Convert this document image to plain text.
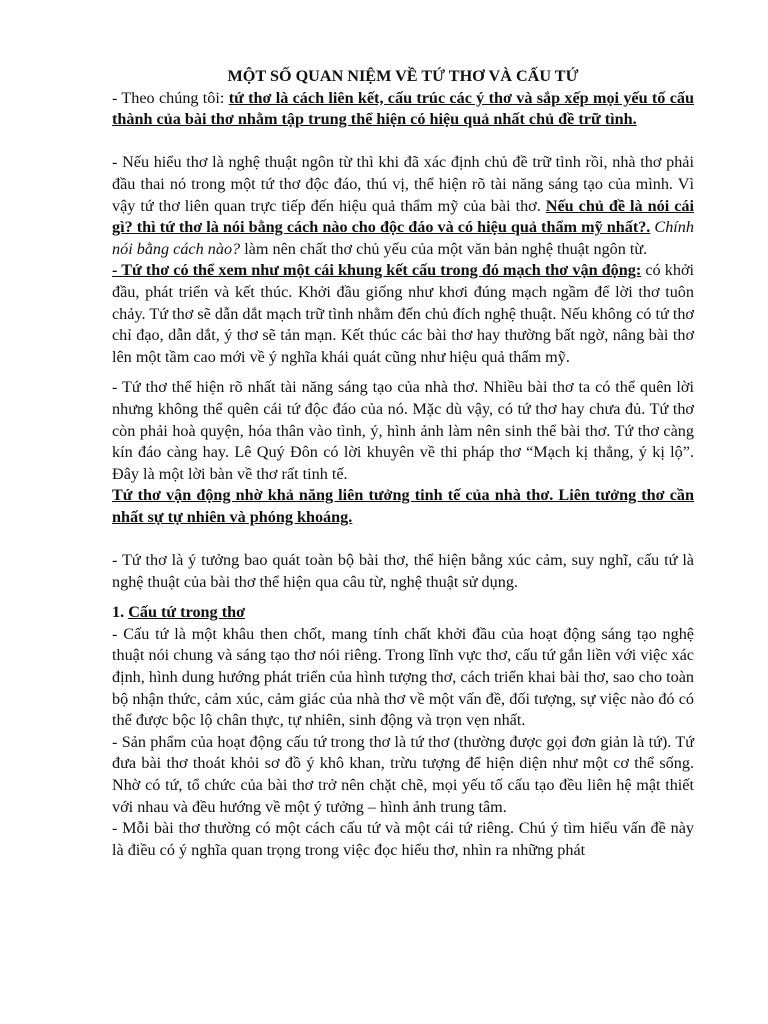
MỘT SỐ QUAN NIỆM VỀ TỨ THƠ VÀ CẤU TỨ

- Theo chúng tôi: tứ thơ là cách liên kết, cấu trúc các ý thơ và sắp xếp mọi yếu tố cấu thành của bài thơ nhằm tập trung thể hiện có hiệu quả nhất chủ đề trữ tình.

- Nếu hiểu thơ là nghệ thuật ngôn từ thì khi đã xác định chủ đề trữ tình rồi, nhà thơ phải đầu thai nó trong một tứ thơ độc đáo, thú vị, thể hiện rõ tài năng sáng tạo của mình. Vì vậy tứ thơ liên quan trực tiếp đến hiệu quả thẩm mỹ của bài thơ. Nếu chủ đề là nói cái gì? thì tứ thơ là nói bằng cách nào cho độc đáo và có hiệu quả thẩm mỹ nhất?. Chính nói bằng cách nào? làm nên chất thơ chủ yếu của một văn bản nghệ thuật ngôn từ.

- Tứ thơ có thể xem như một cái khung kết cấu trong đó mạch thơ vận động: có khởi đầu, phát triển và kết thúc. Khởi đầu giống như khơi đúng mạch ngầm để lời thơ tuôn chảy. Tứ thơ sẽ dẫn dắt mạch trữ tình nhằm đến chủ đích nghệ thuật. Nếu không có tứ thơ chỉ đạo, dẫn dắt, ý thơ sẽ tản mạn. Kết thúc các bài thơ hay thường bất ngờ, nâng bài thơ lên một tầm cao mới về ý nghĩa khái quát cũng như hiệu quả thẩm mỹ.

- Tứ thơ thể hiện rõ nhất tài năng sáng tạo của nhà thơ. Nhiều bài thơ ta có thể quên lời nhưng không thể quên cái tứ độc đáo của nó. Mặc dù vậy, có tứ thơ hay chưa đủ. Tứ thơ còn phải hoà quyện, hóa thân vào tình, ý, hình ảnh làm nên sinh thể bài thơ. Tứ thơ càng kín đáo càng hay. Lê Quý Đôn có lời khuyên về thi pháp thơ “Mạch kị thẳng, ý kị lộ”. Đây là một lời bàn về thơ rất tinh tế.

Tứ thơ vận động nhờ khả năng liên tưởng tinh tế của nhà thơ. Liên tưởng thơ cần nhất sự tự nhiên và phóng khoáng.

- Tứ thơ là ý tưởng bao quát toàn bộ bài thơ, thể hiện bằng xúc cảm, suy nghĩ, cấu tứ là nghệ thuật của bài thơ thể hiện qua câu từ, nghệ thuật sử dụng.

1. Cấu tứ trong thơ

- Cấu tứ là một khâu then chốt, mang tính chất khởi đầu của hoạt động sáng tạo nghệ thuật nói chung và sáng tạo thơ nói riêng. Trong lĩnh vực thơ, cấu tứ gắn liền với việc xác định, hình dung hướng phát triển của hình tượng thơ, cách triển khai bài thơ, sao cho toàn bộ nhận thức, cảm xúc, cảm giác của nhà thơ về một vấn đề, đối tượng, sự việc nào đó có thể được bộc lộ chân thực, tự nhiên, sinh động và trọn vẹn nhất.

- Sản phẩm của hoạt động cấu tứ trong thơ là tứ thơ (thường được gọi đơn giản là tứ). Tứ đưa bài thơ thoát khỏi sơ đồ ý khô khan, trừu tượng để hiện diện như một cơ thể sống. Nhờ có tứ, tổ chức của bài thơ trở nên chặt chẽ, mọi yếu tố cấu tạo đều liên hệ mật thiết với nhau và đều hướng về một ý tưởng – hình ảnh trung tâm.

- Mỗi bài thơ thường có một cách cấu tứ và một cái tứ riêng. Chú ý tìm hiểu vấn đề này là điều có ý nghĩa quan trọng trong việc đọc hiểu thơ, nhìn ra những phát
